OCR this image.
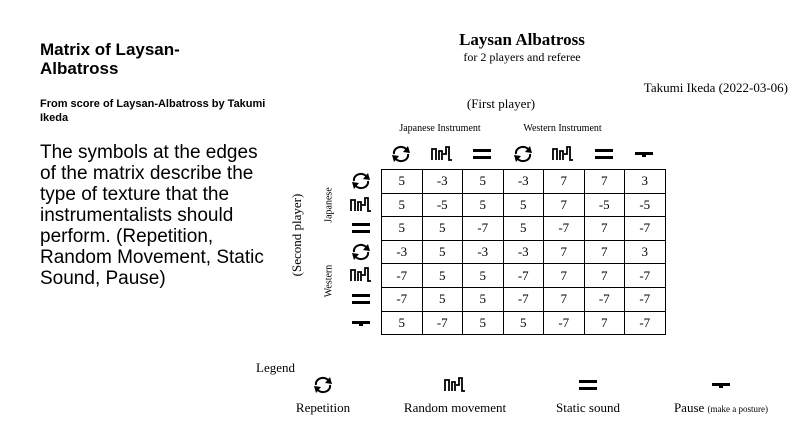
Matrix of Laysan-Albatross
From score of Laysan-Albatross by Takumi Ikeda
The symbols at the edges of the matrix describe the type of texture that the instrumentalists should perform. (Repetition, Random Movement, Static Sound, Pause)
Laysan Albatross
for 2 players and referee
Takumi Ikeda (2022-03-06)
(First player)
Japanese Instrument	Western Instrument
(Second player) Japanese
Western
5	-3	5	-3	7	7	3
5	-5	5	5	7	-5	-5
5	5	-7	5	-7	7	-7
-3	5	-3	-3	7	7	3
-7	5	5	-7	7	7	-7
-7	5	5	-7	7	-7	-7
5	-7	5	5	-7	7	-7
Legend
Repetition	Random movement	Static sound	Pause (make a posture)
